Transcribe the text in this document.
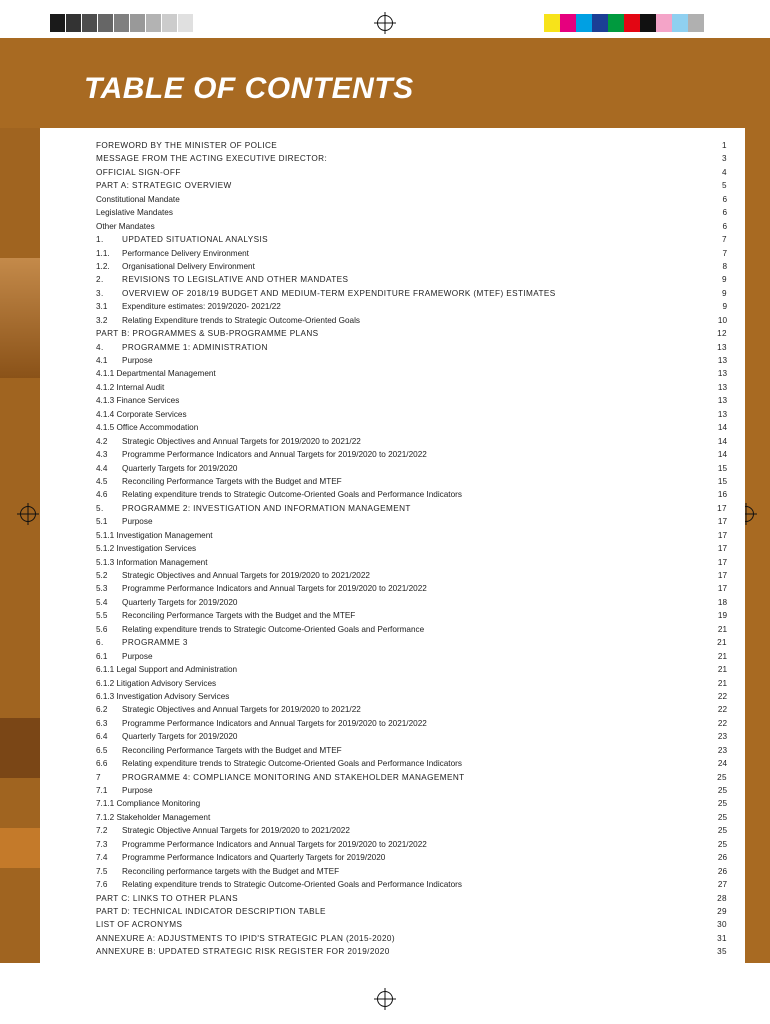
TABLE OF CONTENTS
FOREWORD BY THE MINISTER OF POLICE	1
MESSAGE FROM THE ACTING EXECUTIVE DIRECTOR:	3
OFFICIAL SIGN-OFF	4
PART A: STRATEGIC OVERVIEW	5
Constitutional Mandate	6
Legislative Mandates	6
Other Mandates	6
1.	UPDATED SITUATIONAL ANALYSIS	7
1.1.	Performance Delivery Environment	7
1.2.	Organisational Delivery Environment	8
2.	REVISIONS TO LEGISLATIVE AND OTHER MANDATES	9
3.	OVERVIEW OF 2018/19 BUDGET AND MEDIUM-TERM EXPENDITURE FRAMEWORK (MTEF) ESTIMATES	9
3.1	Expenditure estimates: 2019/2020- 2021/22	9
3.2	Relating Expenditure trends to Strategic Outcome-Oriented Goals	10
PART B: PROGRAMMES & SUB-PROGRAMME PLANS	12
4.	PROGRAMME 1: ADMINISTRATION	13
4.1	Purpose	13
4.1.1 Departmental Management	13
4.1.2 Internal Audit	13
4.1.3 Finance Services	13
4.1.4 Corporate Services	13
4.1.5 Office Accommodation	14
4.2	Strategic Objectives and Annual Targets for 2019/2020 to 2021/22	14
4.3	Programme Performance Indicators and Annual Targets for 2019/2020 to 2021/2022	14
4.4	Quarterly Targets for 2019/2020	15
4.5	Reconciling Performance Targets with the Budget and MTEF	15
4.6	Relating expenditure trends to Strategic Outcome-Oriented Goals and Performance Indicators	16
5.	PROGRAMME 2: INVESTIGATION AND INFORMATION MANAGEMENT	17
5.1	Purpose	17
5.1.1 Investigation Management	17
5.1.2 Investigation Services	17
5.1.3 Information Management	17
5.2	Strategic Objectives and Annual Targets for 2019/2020 to 2021/2022	17
5.3	Programme Performance Indicators and Annual Targets for 2019/2020 to 2021/2022	17
5.4	Quarterly Targets for 2019/2020	18
5.5	Reconciling Performance Targets with the Budget and the MTEF	19
5.6	Relating expenditure trends to Strategic Outcome-Oriented Goals and Performance	21
6.	PROGRAMME 3	21
6.1	Purpose	21
6.1.1 Legal Support and Administration	21
6.1.2 Litigation Advisory Services	21
6.1.3 Investigation Advisory Services	22
6.2	Strategic Objectives and Annual Targets for 2019/2020 to 2021/22	22
6.3	Programme Performance Indicators and Annual Targets for 2019/2020 to 2021/2022	22
6.4	Quarterly Targets for 2019/2020	23
6.5	Reconciling Performance Targets with the Budget and MTEF	23
6.6	Relating expenditure trends to Strategic Outcome-Oriented Goals and Performance Indicators	24
7	PROGRAMME 4: COMPLIANCE MONITORING AND STAKEHOLDER MANAGEMENT	25
7.1	Purpose	25
7.1.1 Compliance Monitoring	25
7.1.2 Stakeholder Management	25
7.2	Strategic Objective Annual Targets for 2019/2020 to 2021/2022	25
7.3	Programme Performance Indicators and Annual Targets for 2019/2020 to 2021/2022	25
7.4	Programme Performance Indicators and Quarterly Targets for 2019/2020	26
7.5	Reconciling performance targets with the Budget and MTEF	26
7.6	Relating expenditure trends to Strategic Outcome-Oriented Goals and Performance Indicators	27
PART C: LINKS TO OTHER PLANS	28
PART D: TECHNICAL INDICATOR DESCRIPTION TABLE	29
LIST OF ACRONYMS	30
ANNEXURE A: ADJUSTMENTS TO IPID'S STRATEGIC PLAN (2015-2020)	31
ANNEXURE B: UPDATED STRATEGIC RISK REGISTER FOR 2019/2020	35
